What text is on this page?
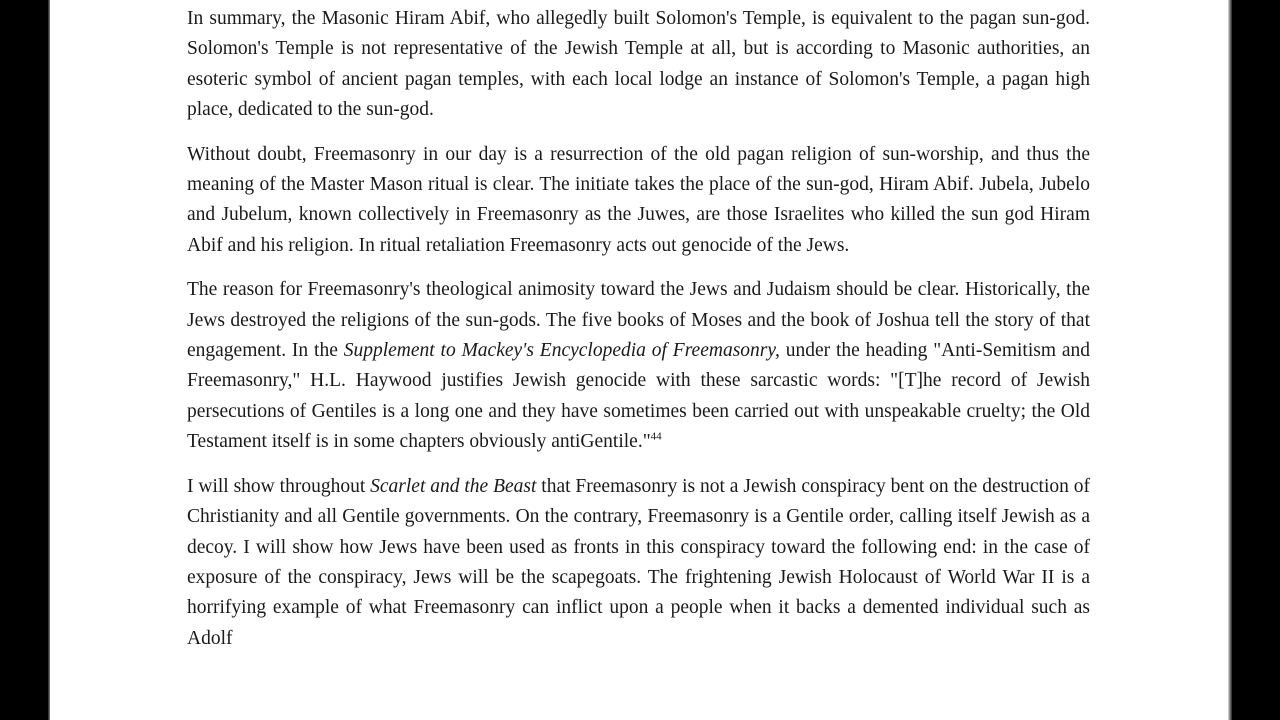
In summary, the Masonic Hiram Abif, who allegedly built Solomon's Temple, is equivalent to the pagan sun-god. Solomon's Temple is not representative of the Jewish Temple at all, but is according to Masonic authorities, an esoteric symbol of ancient pagan temples, with each local lodge an instance of Solomon's Temple, a pagan high place, dedicated to the sun-god.

Without doubt, Freemasonry in our day is a resurrection of the old pagan religion of sun-worship, and thus the meaning of the Master Mason ritual is clear. The initiate takes the place of the sun-god, Hiram Abif. Jubela, Jubelo and Jubelum, known collectively in Freemasonry as the Juwes, are those Israelites who killed the sun god Hiram Abif and his religion. In ritual retaliation Freemasonry acts out genocide of the Jews.

The reason for Freemasonry's theological animosity toward the Jews and Judaism should be clear. Historically, the Jews destroyed the religions of the sun-gods. The five books of Moses and the book of Joshua tell the story of that engagement. In the Supplement to Mackey's Encyclopedia of Freemasonry, under the heading "Anti-Semitism and Freemasonry," H.L. Haywood justifies Jewish genocide with these sarcastic words: "[T]he record of Jewish persecutions of Gentiles is a long one and they have sometimes been carried out with unspeakable cruelty; the Old Testament itself is in some chapters obviously antiGentile."$^{44}$

I will show throughout Scarlet and the Beast that Freemasonry is not a Jewish conspiracy bent on the destruction of Christianity and all Gentile governments. On the contrary, Freemasonry is a Gentile order, calling itself Jewish as a decoy. I will show how Jews have been used as fronts in this conspiracy toward the following end: in the case of exposure of the conspiracy, Jews will be the scapegoats. The frightening Jewish Holocaust of World War II is a horrifying example of what Freemasonry can inflict upon a people when it backs a demented individual such as Adolf
